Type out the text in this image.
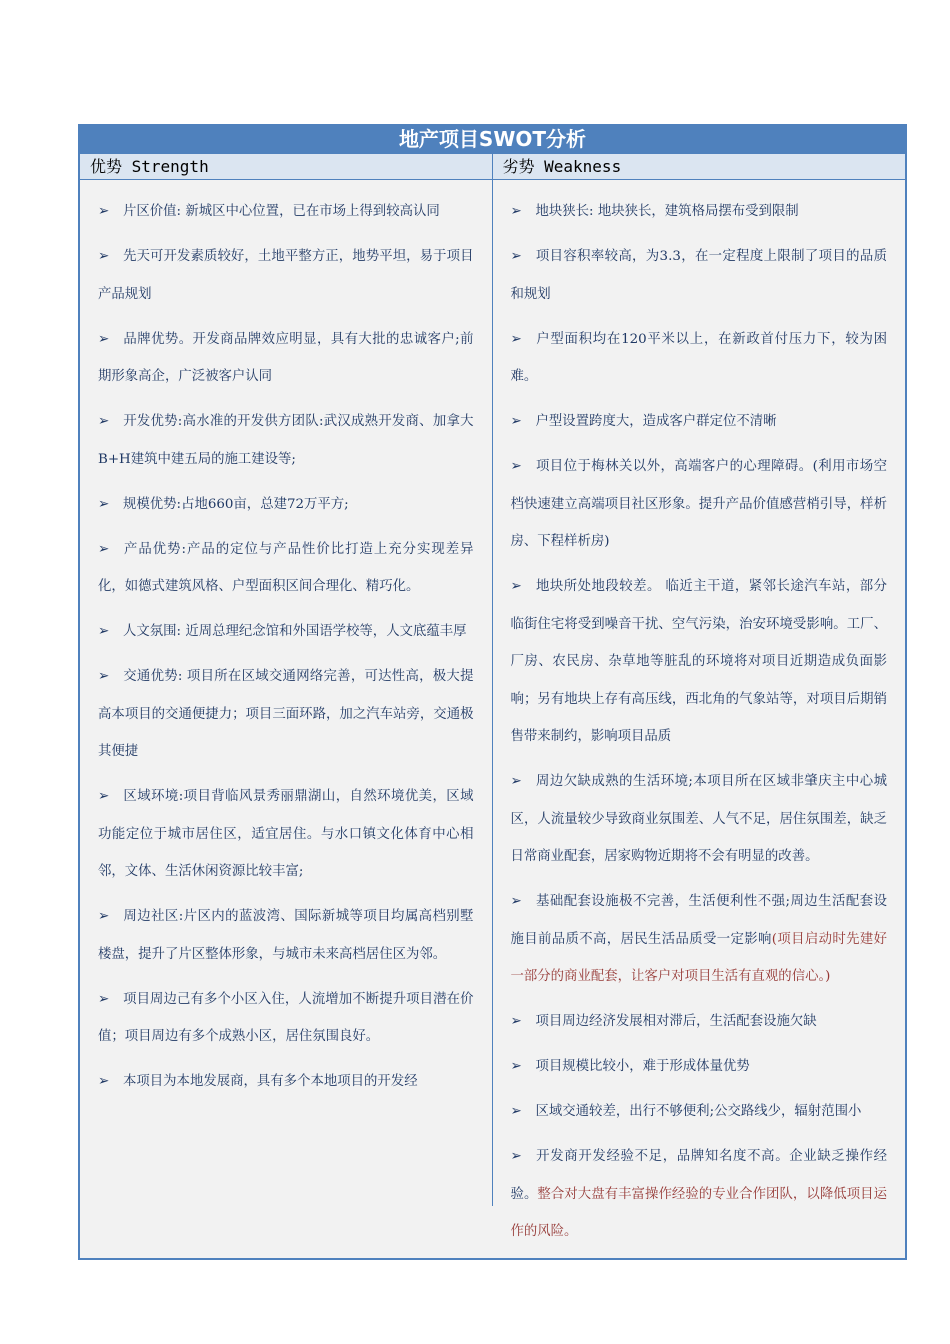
地产项目SWOT分析
优势 Strength	劣势 Weakness
➢ 片区价值: 新城区中心位置，已在市场上得到较高认同
➢ 先天可开发素质较好，土地平整方正，地势平坦，易于项目产品规划
➢ 品牌优势。开发商品牌效应明显，具有大批的忠诚客户;前期形象高企，广泛被客户认同
➢ 开发优势:高水准的开发供方团队:武汉成熟开发商、加拿大B+H建筑中建五局的施工建设等;
➢ 规模优势:占地660亩，总建72万平方;
➢ 产品优势:产品的定位与产品性价比打造上充分实现差异化，如德式建筑风格、户型面积区间合理化、精巧化。
➢ 人文氛围: 近周总理纪念馆和外国语学校等，人文底蕴丰厚
➢ 交通优势: 项目所在区域交通网络完善，可达性高，极大提高本项目的交通便捷力；项目三面环路，加之汽车站旁，交通极其便捷
➢ 区域环境:项目背临风景秀丽鼎湖山，自然环境优美，区域功能定位于城市居住区，适宜居住。与水口镇文化体育中心相邻，文体、生活休闲资源比较丰富;
➢ 周边社区:片区内的蓝波湾、国际新城等项目均属高档别墅楼盘，提升了片区整体形象，与城市未来高档居住区为邻。
➢ 项目周边己有多个小区入住，人流增加不断提升项目潜在价值；项目周边有多个成熟小区，居住氛围良好。
➢ 本项目为本地发展商，具有多个本地项目的开发经
➢ 地块狭长: 地块狭长，建筑格局摆布受到限制
➢ 项目容积率较高，为3.3，在一定程度上限制了项目的品质和规划
➢ 户型面积均在120平米以上，在新政首付压力下，较为困难。
➢ 户型设置跨度大，造成客户群定位不清晰
➢ 项目位于梅林关以外，高端客户的心理障碍。(利用市场空档快速建立高端项目社区形象。提升产品价值感营梢引导，样析房、下程样析房)
➢ 地块所处地段较差。 临近主干道，紧邻长途汽车站，部分临街住宅将受到噪音干扰、空气污染，治安环境受影响。工厂、厂房、农民房、杂草地等脏乱的环境将对项目近期造成负面影响；另有地块上存有高压线，西北角的气象站等，对项目后期销售带来制约，影响项目品质
➢ 周边欠缺成熟的生活环境;本项目所在区域非肇庆主中心城区，人流量较少导致商业氛围差、人气不足，居住氛围差，缺乏日常商业配套，居家购物近期将不会有明显的改善。
➢ 基础配套设施极不完善，生活便利性不强;周边生活配套设施目前品质不高，居民生活品质受一定影响(项目启动时先建好一部分的商业配套，让客户对项目生活有直观的信心。)
➢ 项目周边经济发展相对滞后，生活配套设施欠缺
➢ 项目规模比较小，难于形成体量优势
➢ 区域交通较差，出行不够便利;公交路线少，辐射范围小
➢ 开发商开发经验不足，品牌知名度不高。企业缺乏操作经验。整合对大盘有丰富操作经验的专业合作团队，以降低项目运作的风险。
